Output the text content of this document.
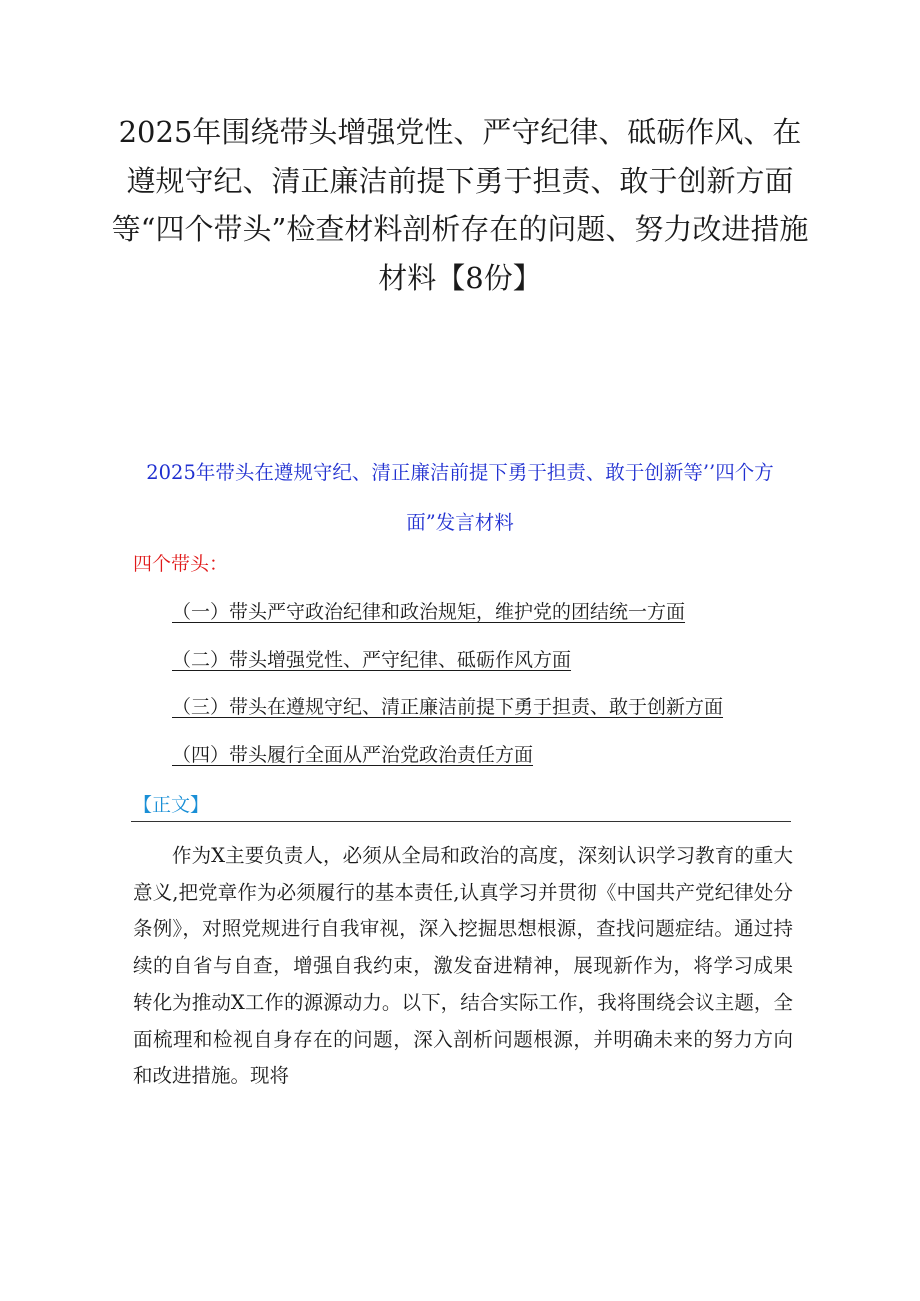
2025年围绕带头增强党性、严守纪律、砥砺作风、在遵规守纪、清正廉洁前提下勇于担责、敢于创新方面等“四个带头”检查材料剖析存在的问题、努力改进措施材料【8份】
2025年带头在遵规守纪、清正廉洁前提下勇于担责、敢于创新等’’四个方面”发言材料
四个带头：
（一）带头严守政治纪律和政治规矩，维护党的团结统一方面
（二）带头增强党性、严守纪律、砥砺作风方面
（三）带头在遵规守纪、清正廉洁前提下勇于担责、敢于创新方面
（四）带头履行全面从严治党政治责任方面
【正文】

作为X主要负责人，必须从全局和政治的高度，深刻认识学习教育的重大意义,把党章作为必须履行的基本责任,认真学习并贯彻《中国共产党纪律处分条例》，对照党规进行自我审视，深入挖掘思想根源，查找问题症结。通过持续的自省与自查，增强自我约束，激发奋进精神，展现新作为，将学习成果转化为推动X工作的源源动力。以下，结合实际工作，我将围绕会议主题，全面梳理和检视自身存在的问题，深入剖析问题根源，并明确未来的努力方向和改进措施。现将
